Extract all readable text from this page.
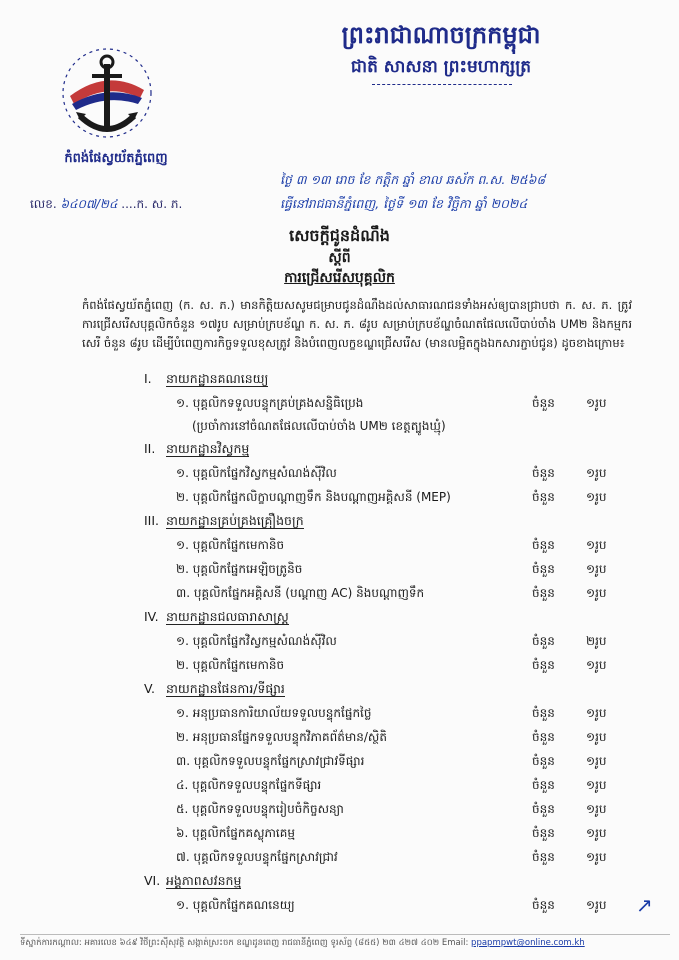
កំពង់ផែស្វយ័តភ្នំពេញ
ព្រះរាជាណាចក្រកម្ពុជា
ជាតិ សាសនា ព្រះមហាក្សត្រ
ថ្ងៃ ៣ ១៣ រោច ខែ កត្តិក ឆ្នាំ ខាល ឆស័ក ព.ស. ២៥៦៨
ធ្វើនៅរាជធានីភ្នំពេញ, ថ្ងៃទី ១៣ ខែ វិច្ឆិកា ឆ្នាំ ២០២៤
លេខ. ៦៤០៧/២៤ ....ក. ស. ភ.
សេចក្ដីជូនដំណឹង
ស្ដីពី
ការជ្រើសរើសបុគ្គលិក
កំពង់ផែស្វយ័តភ្នំពេញ (ក. ស. ភ.) មានកិត្តិយសសូមជម្រាបជូនដំណឹងដល់សាធារណជនទាំងអស់ឲ្យបានជ្រាបថា ក. ស. ភ. ត្រូវការជ្រើសរើសបុគ្គលិកចំនួន ១៧រូប សម្រាប់ក្របខ័ណ្ឌ ក. ស. ភ. ៨រូប សម្រាប់ក្របខ័ណ្ឌចំណតផែលលើបាប់ចាំង UM២ និងកម្មករសេរី ចំនួន ៨រូប ដើម្បីបំពេញការកិច្ចទទួលខុសត្រូវ និងបំពេញលក្ខខណ្ឌជ្រើសរើស (មានលម្អិតក្នុងឯកសារភ្ជាប់ជូន) ដូចខាងក្រោម៖
I. នាយកដ្ឋានគណនេយ្យ
១. បុគ្គលិកទទួលបន្ទុកគ្រប់គ្រងសន្និធិប្រេង	ចំនួន	១រូប
(ប្រចាំការនៅចំណតផែលលើបាប់ចាំង UM២ ខេត្តត្បូងឃ្មុំ)
II. នាយកដ្ឋានវិស្វកម្ម
១. បុគ្គលិកផ្នែកវិស្វកម្មសំណង់ស៊ីវិល	ចំនួន	១រូប
២. បុគ្គលិកផ្នែកលិក្ខាបណ្ដាញទឹក និងបណ្ដាញអគ្គិសនី (MEP)	ចំនួន	១រូប
III. នាយកដ្ឋានគ្រប់គ្រងគ្រឿងចក្រ
១. បុគ្គលិកផ្នែកមេកានិច	ចំនួន	១រូប
២. បុគ្គលិកផ្នែកអេឡិចត្រូនិច	ចំនួន	១រូប
៣. បុគ្គលិកផ្នែកអគ្គិសនី (បណ្ដាញ AC) និងបណ្ដាញទឹក	ចំនួន	១រូប
IV. នាយកដ្ឋានជលធារាសាស្ត្រ
១. បុគ្គលិកផ្នែកវិស្វកម្មសំណង់ស៊ីវិល	ចំនួន	២រូប
២. បុគ្គលិកផ្នែកមេកានិច	ចំនួន	១រូប
V. នាយកដ្ឋានផែនការ/ទីផ្សារ
១. អនុប្រធានការិយាល័យទទួលបន្ទុកផ្នែកថ្លៃ	ចំនួន	១រូប
២. អនុប្រធានផ្នែកទទួលបន្ទុកវិភាគព័ត៌មាន/ស្ថិតិ	ចំនួន	១រូប
៣. បុគ្គលិកទទួលបន្ទុកផ្នែកស្រាវជ្រាវទីផ្សារ	ចំនួន	១រូប
៤. បុគ្គលិកទទួលបន្ទុកផ្នែកទីផ្សារ	ចំនួន	១រូប
៥. បុគ្គលិកទទួលបន្ទុករៀបចំកិច្ចសន្យា	ចំនួន	១រូប
៦. បុគ្គលិកផ្នែកគស្លុភាគេម្ម	ចំនួន	១រូប
៧. បុគ្គលិកទទួលបន្ទុកផ្នែកស្រាវជ្រាវ	ចំនួន	១រូប
VI. អង្គភាពសវនកម្ម
១. បុគ្គលិកផ្នែកគណនេយ្យ	ចំនួន	១រូប	↗
ទីស្នាក់ការកណ្ដាល: អគារលេខ ៦៤៩ វិថីព្រះស៊ីសុវត្ថិ សង្កាត់ស្រះចក ខណ្ឌដូនពេញ រាជធានីភ្នំពេញ ទូរស័ព្ទ (៨៥៥) ២៣ ៤២៧ ៤០២ Email: ppapmpwt@online.com.kh
